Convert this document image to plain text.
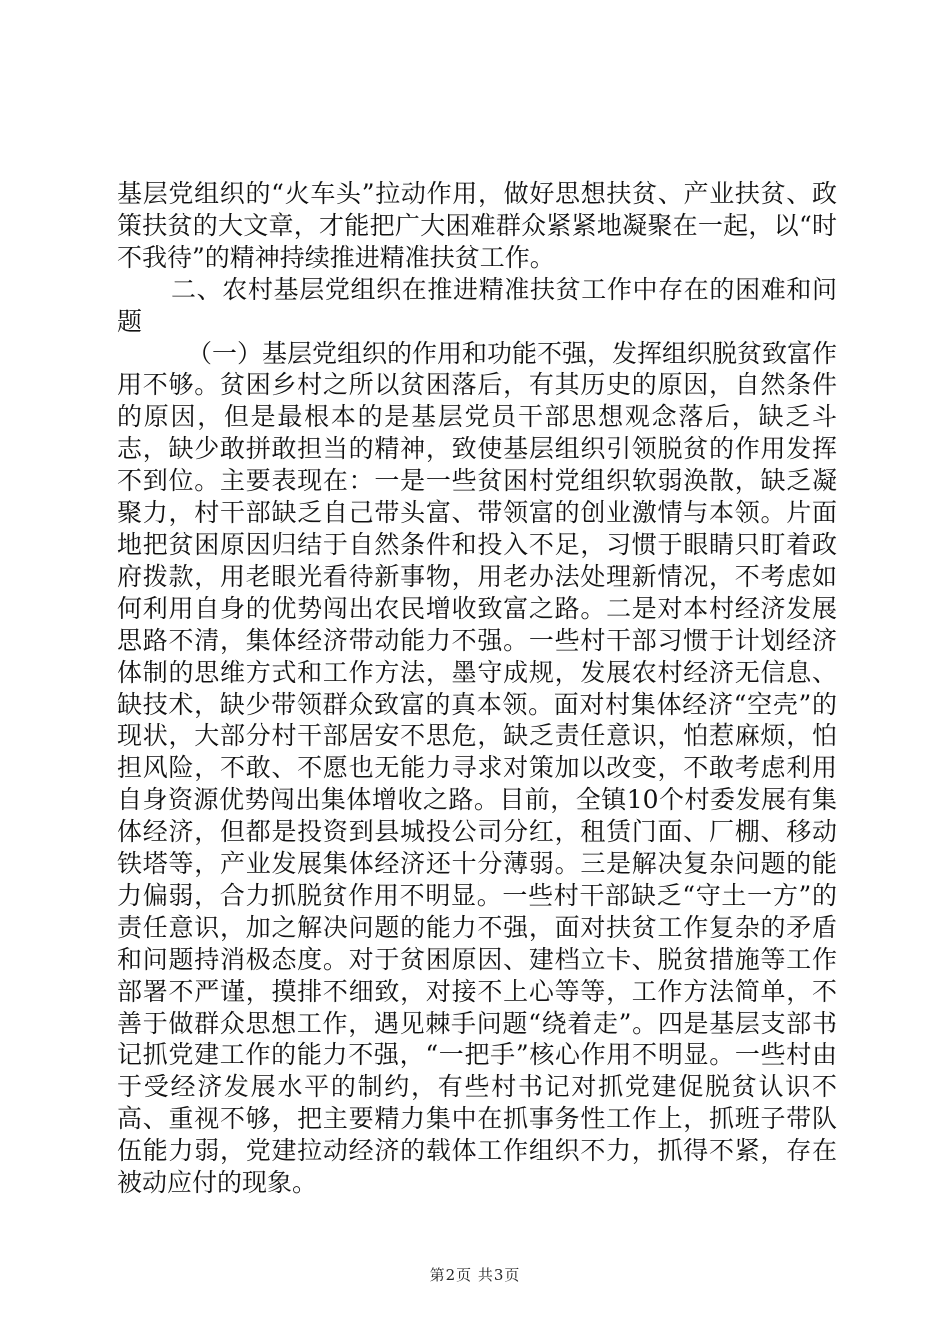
基层党组织的“火车头”拉动作用，做好思想扶贫、产业扶贫、政策扶贫的大文章，才能把广大困难群众紧紧地凝聚在一起，以“时不我待”的精神持续推进精准扶贫工作。

二、农村基层党组织在推进精准扶贫工作中存在的困难和问题

（一）基层党组织的作用和功能不强，发挥组织脱贫致富作用不够。贫困乡村之所以贫困落后，有其历史的原因，自然条件的原因，但是最根本的是基层党员干部思想观念落后，缺乏斗志，缺少敢拼敢担当的精神，致使基层组织引领脱贫的作用发挥不到位。主要表现在：一是一些贫困村党组织软弱涣散，缺乏凝聚力，村干部缺乏自己带头富、带领富的创业激情与本领。片面地把贫困原因归结于自然条件和投入不足，习惯于眼睛只盯着政府拨款，用老眼光看待新事物，用老办法处理新情况，不考虑如何利用自身的优势闯出农民增收致富之路。二是对本村经济发展思路不清，集体经济带动能力不强。一些村干部习惯于计划经济体制的思维方式和工作方法，墨守成规，发展农村经济无信息、缺技术，缺少带领群众致富的真本领。面对村集体经济“空壳”的现状，大部分村干部居安不思危，缺乏责任意识，怕惹麻烦，怕担风险，不敢、不愿也无能力寻求对策加以改变，不敢考虑利用自身资源优势闯出集体增收之路。目前，全镇10个村委发展有集体经济，但都是投资到县城投公司分红，租赁门面、厂棚、移动铁塔等，产业发展集体经济还十分薄弱。三是解决复杂问题的能力偏弱，合力抓脱贫作用不明显。一些村干部缺乏“守土一方”的责任意识，加之解决问题的能力不强，面对扶贫工作复杂的矛盾和问题持消极态度。对于贫困原因、建档立卡、脱贫措施等工作部署不严谨，摸排不细致，对接不上心等等，工作方法简单，不善于做群众思想工作，遇见棘手问题“绕着走”。四是基层支部书记抓党建工作的能力不强，“一把手”核心作用不明显。一些村由于受经济发展水平的制约，有些村书记对抓党建促脱贫认识不高、重视不够，把主要精力集中在抓事务性工作上，抓班子带队伍能力弱，党建拉动经济的载体工作组织不力，抓得不紧，存在被动应付的现象。

第2页 共3页
